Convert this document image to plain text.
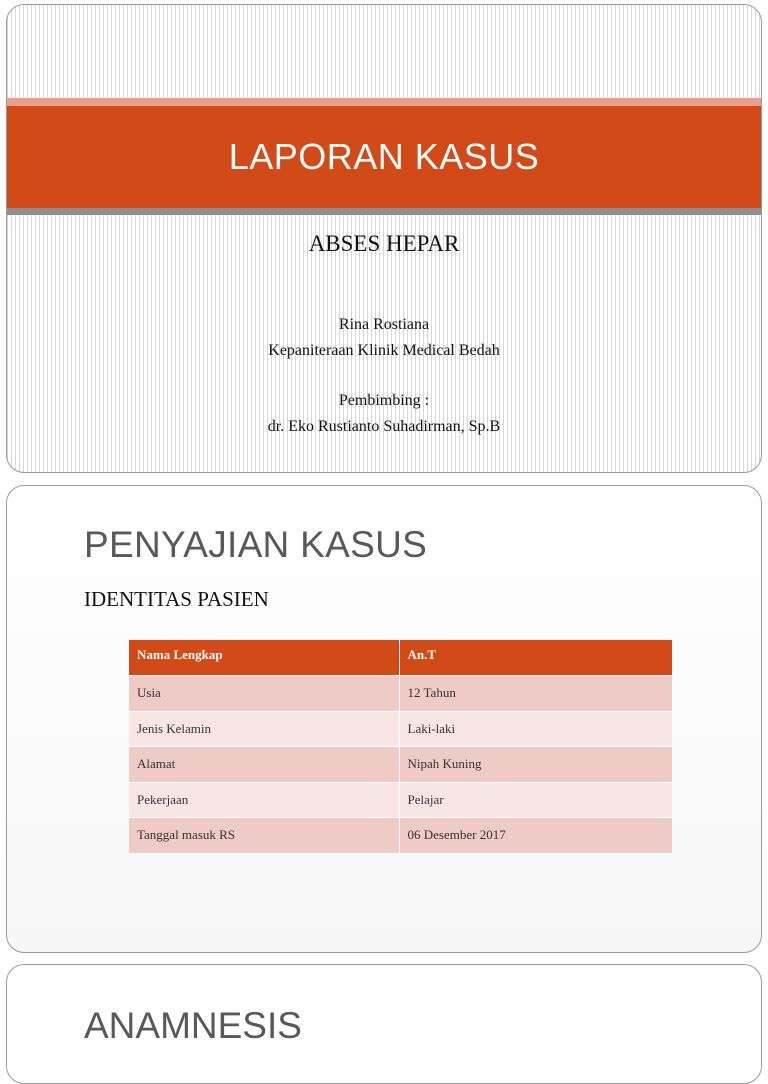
LAPORAN KASUS
ABSES HEPAR
Rina Rostiana
Kepaniteraan Klinik Medical Bedah
Pembimbing :
dr. Eko Rustianto Suhadirman, Sp.B
PENYAJIAN KASUS
IDENTITAS PASIEN
Nama Lengkap	An.T
Usia	12 Tahun
Jenis Kelamin	Laki-laki
Alamat	Nipah Kuning
Pekerjaan	Pelajar
Tanggal masuk RS	06 Desember 2017
ANAMNESIS
